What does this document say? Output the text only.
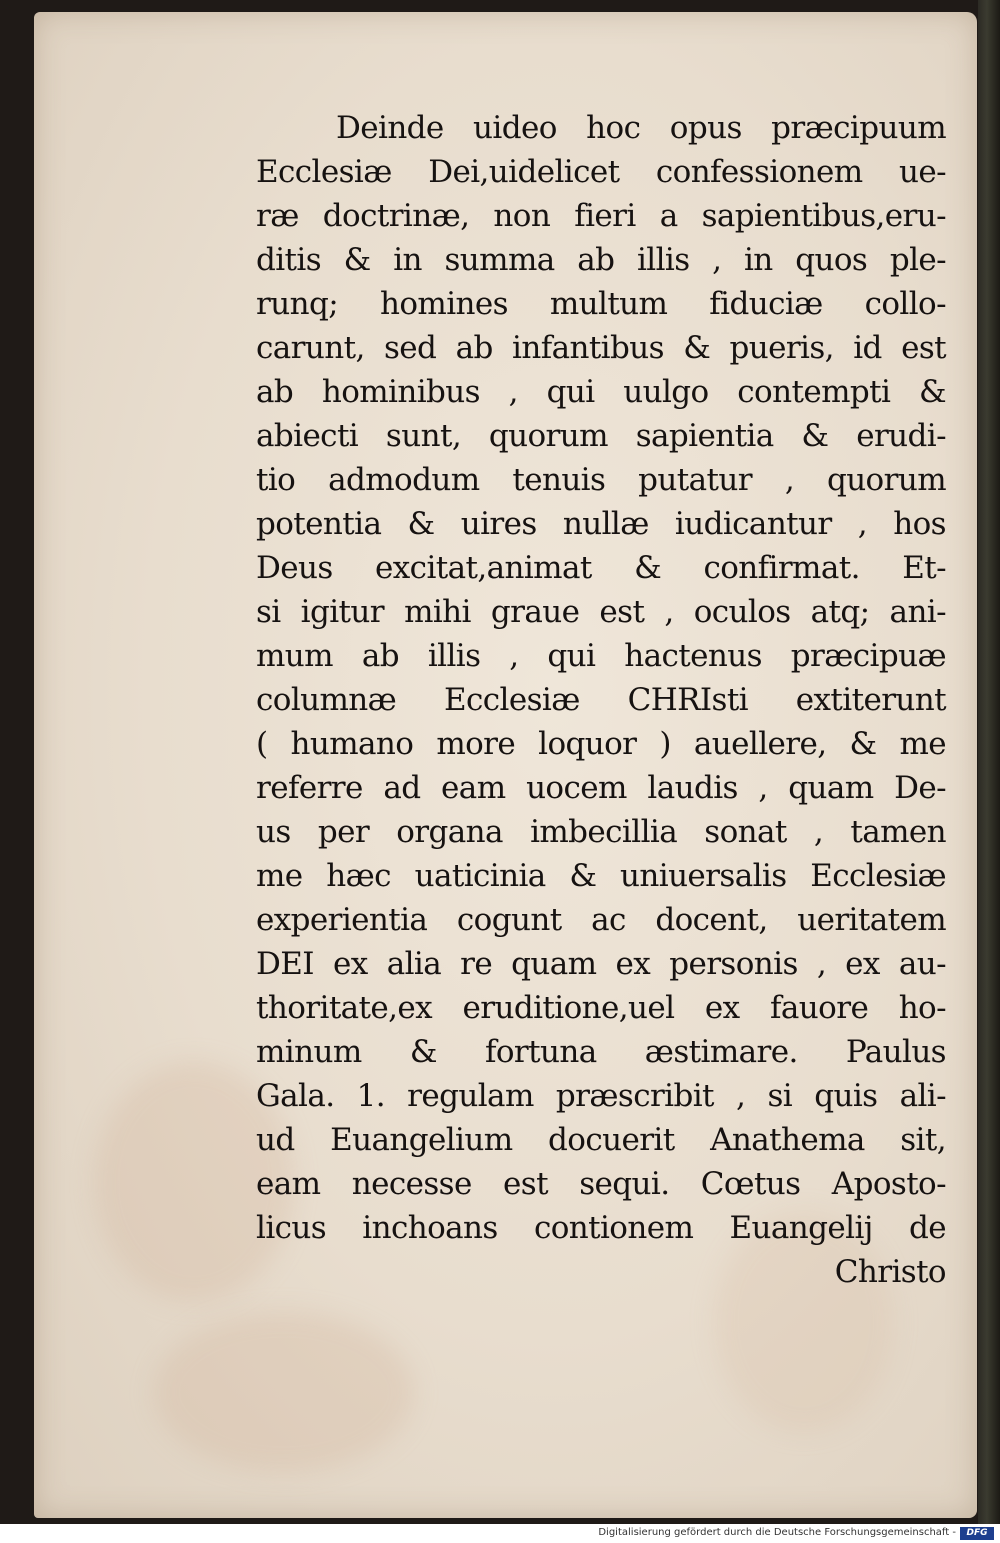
Deinde uideo hoc opus præcipuum
Ecclesiæ Dei,uidelicet confessionem ue-
ræ doctrinæ, non fieri a sapientibus,eru-
ditis & in summa ab illis , in quos ple-
runq; homines multum fiduciæ collo-
carunt, sed ab infantibus & pueris, id est
ab hominibus , qui uulgo contempti &
abiecti sunt, quorum sapientia & erudi-
tio admodum tenuis putatur , quorum
potentia & uires nullæ iudicantur , hos
Deus excitat,animat & confirmat. Et-
si igitur mihi graue est , oculos atq; ani-
mum ab illis , qui hactenus præcipuæ
columnæ Ecclesiæ CHRIsti extiterunt
( humano more loquor ) auellere, & me
referre ad eam uocem laudis , quam De-
us per organa imbecillia sonat , tamen
me hæc uaticinia & uniuersalis Ecclesiæ
experientia cogunt ac docent, ueritatem
DEI ex alia re quam ex personis , ex au-
thoritate,ex eruditione,uel ex fauore ho-
minum & fortuna æstimare. Paulus
Gala. 1. regulam præscribit , si quis ali-
ud Euangelium docuerit Anathema sit,
eam necesse est sequi. Cœtus Aposto-
licus inchoans contionem Euangelij de
Christo
Digitalisierung gefördert durch die Deutsche Forschungsgemeinschaft -	DFG
